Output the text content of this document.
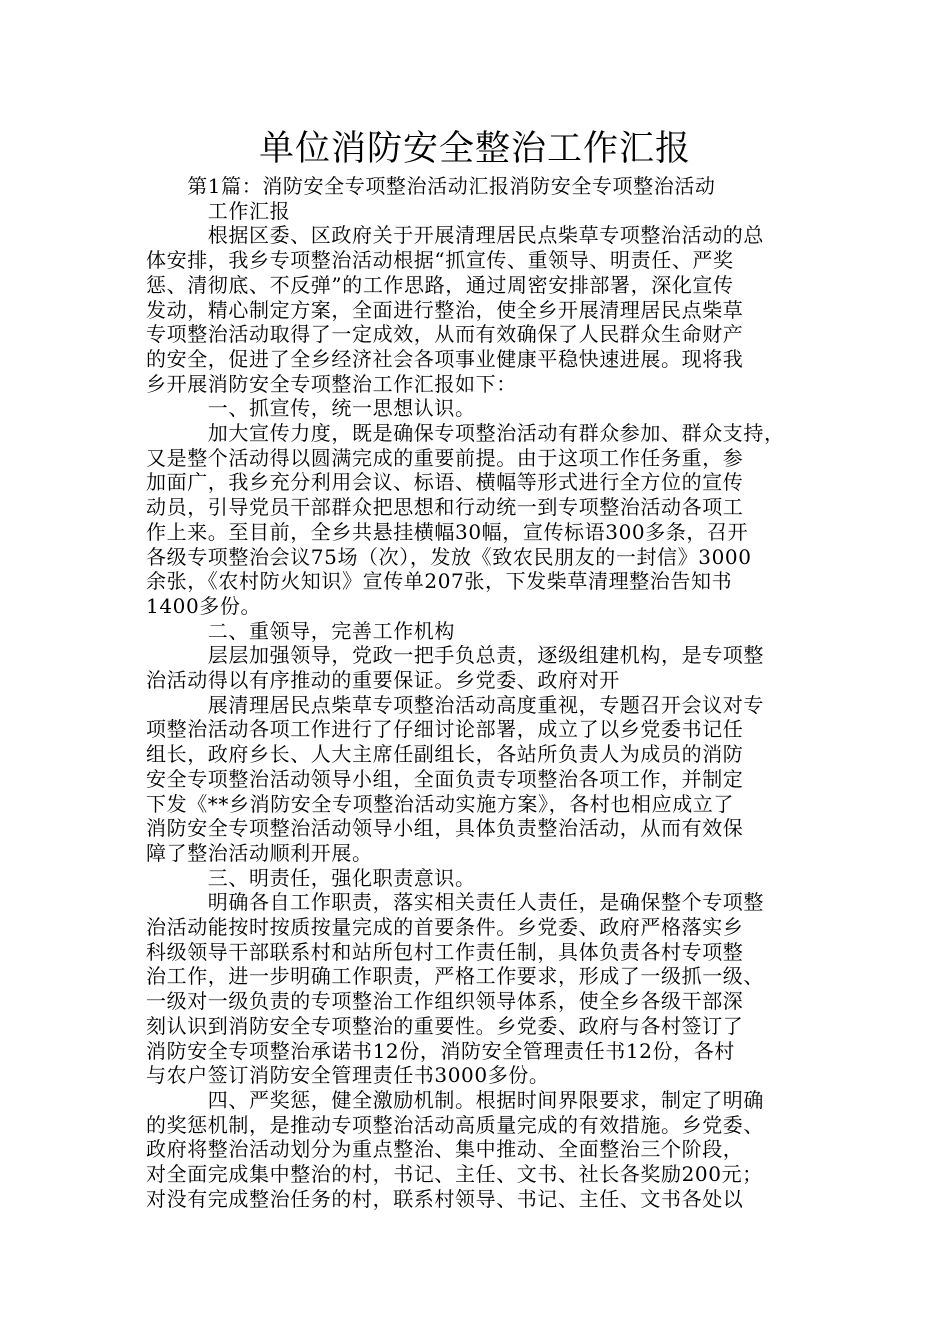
单位消防安全整治工作汇报
　　第1篇：消防安全专项整治活动汇报消防安全专项整治活动
　　　工作汇报
　　　根据区委、区政府关于开展清理居民点柴草专项整治活动的总
体安排，我乡专项整治活动根据“抓宣传、重领导、明责任、严奖
惩、清彻底、不反弹”的工作思路，通过周密安排部署，深化宣传
发动，精心制定方案，全面进行整治，使全乡开展清理居民点柴草
专项整治活动取得了一定成效，从而有效确保了人民群众生命财产
的安全，促进了全乡经济社会各项事业健康平稳快速进展。现将我
乡开展消防安全专项整治工作汇报如下：
　　　一、抓宣传，统一思想认识。
　　　加大宣传力度，既是确保专项整治活动有群众参加、群众支持，
又是整个活动得以圆满完成的重要前提。由于这项工作任务重，参
加面广，我乡充分利用会议、标语、横幅等形式进行全方位的宣传
动员，引导党员干部群众把思想和行动统一到专项整治活动各项工
作上来。至目前，全乡共悬挂横幅30幅，宣传标语300多条，召开
各级专项整治会议75场（次），发放《致农民朋友的一封信》3000
余张，《农村防火知识》宣传单207张，下发柴草清理整治告知书
1400多份。
　　　二、重领导，完善工作机构
　　　层层加强领导，党政一把手负总责，逐级组建机构，是专项整
治活动得以有序推动的重要保证。乡党委、政府对开
　　　展清理居民点柴草专项整治活动高度重视，专题召开会议对专
项整治活动各项工作进行了仔细讨论部署，成立了以乡党委书记任
组长，政府乡长、人大主席任副组长，各站所负责人为成员的消防
安全专项整治活动领导小组，全面负责专项整治各项工作，并制定
下发《**乡消防安全专项整治活动实施方案》，各村也相应成立了
消防安全专项整治活动领导小组，具体负责整治活动，从而有效保
障了整治活动顺利开展。
　　　三、明责任，强化职责意识。
　　　明确各自工作职责，落实相关责任人责任，是确保整个专项整
治活动能按时按质按量完成的首要条件。乡党委、政府严格落实乡
科级领导干部联系村和站所包村工作责任制，具体负责各村专项整
治工作，进一步明确工作职责，严格工作要求，形成了一级抓一级、
一级对一级负责的专项整治工作组织领导体系，使全乡各级干部深
刻认识到消防安全专项整治的重要性。乡党委、政府与各村签订了
消防安全专项整治承诺书12份，消防安全管理责任书12份，各村
与农户签订消防安全管理责任书3000多份。
　　　四、严奖惩，健全激励机制。根据时间界限要求，制定了明确
的奖惩机制，是推动专项整治活动高质量完成的有效措施。乡党委、
政府将整治活动划分为重点整治、集中推动、全面整治三个阶段，
对全面完成集中整治的村，书记、主任、文书、社长各奖励200元；
对没有完成整治任务的村，联系村领导、书记、主任、文书各处以
